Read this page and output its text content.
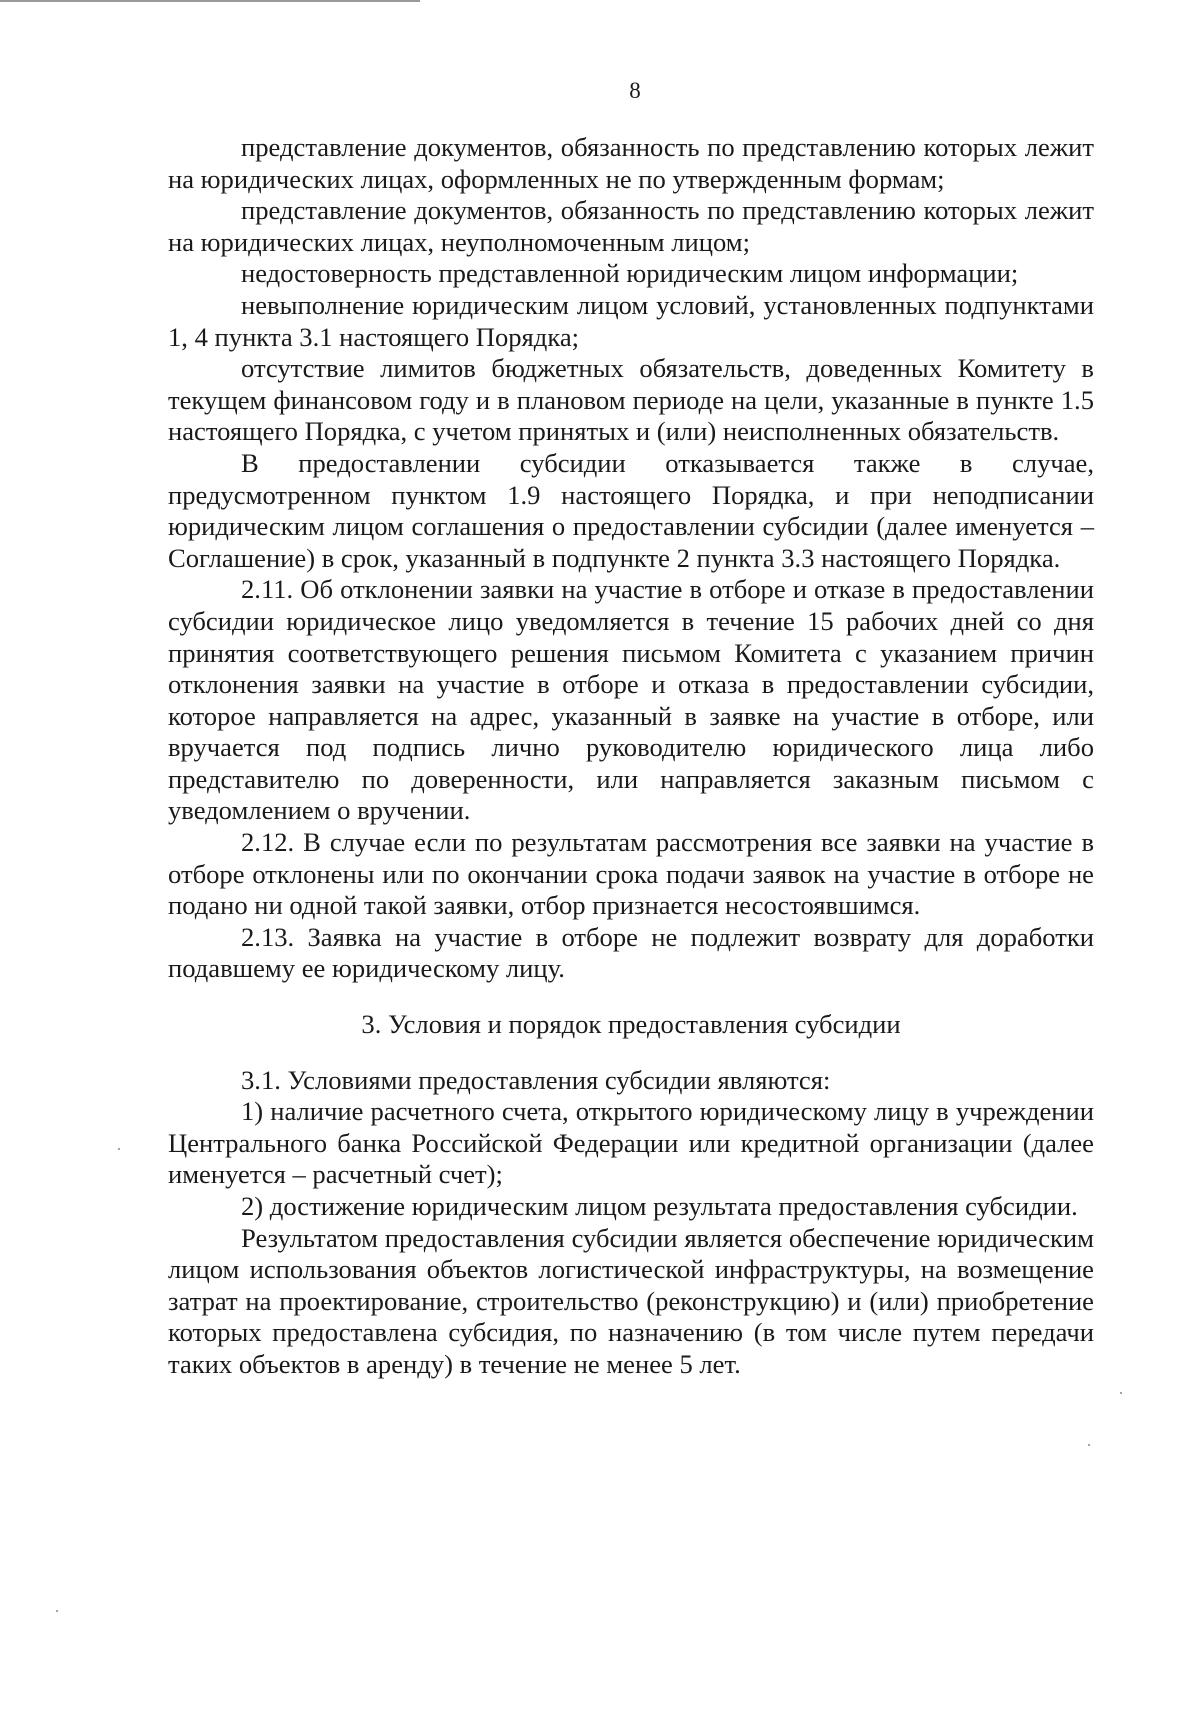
8

представление документов, обязанность по представлению которых лежит на юридических лицах, оформленных не по утвержденным формам;

представление документов, обязанность по представлению которых лежит на юридических лицах, неуполномоченным лицом;

недостоверность представленной юридическим лицом информации;

невыполнение юридическим лицом условий, установленных подпунктами 1, 4 пункта 3.1 настоящего Порядка;

отсутствие лимитов бюджетных обязательств, доведенных Комитету в текущем финансовом году и в плановом периоде на цели, указанные в пункте 1.5 настоящего Порядка, с учетом принятых и (или) неисполненных обязательств.

В предоставлении субсидии отказывается также в случае, предусмотренном пунктом 1.9 настоящего Порядка, и при неподписании юридическим лицом соглашения о предоставлении субсидии (далее именуется – Соглашение) в срок, указанный в подпункте 2 пункта 3.3 настоящего Порядка.

2.11. Об отклонении заявки на участие в отборе и отказе в предоставлении субсидии юридическое лицо уведомляется в течение 15 рабочих дней со дня принятия соответствующего решения письмом Комитета с указанием причин отклонения заявки на участие в отборе и отказа в предоставлении субсидии, которое направляется на адрес, указанный в заявке на участие в отборе, или вручается под подпись лично руководителю юридического лица либо представителю по доверенности, или направляется заказным письмом с уведомлением о вручении.

2.12. В случае если по результатам рассмотрения все заявки на участие в отборе отклонены или по окончании срока подачи заявок на участие в отборе не подано ни одной такой заявки, отбор признается несостоявшимся.

2.13. Заявка на участие в отборе не подлежит возврату для доработки подавшему ее юридическому лицу.

3. Условия и порядок предоставления субсидии

3.1. Условиями предоставления субсидии являются:

1) наличие расчетного счета, открытого юридическому лицу в учреждении Центрального банка Российской Федерации или кредитной организации (далее именуется – расчетный счет);

2) достижение юридическим лицом результата предоставления субсидии.

Результатом предоставления субсидии является обеспечение юридическим лицом использования объектов логистической инфраструктуры, на возмещение затрат на проектирование, строительство (реконструкцию) и (или) приобретение которых предоставлена субсидия, по назначению (в том числе путем передачи таких объектов в аренду) в течение не менее 5 лет.
